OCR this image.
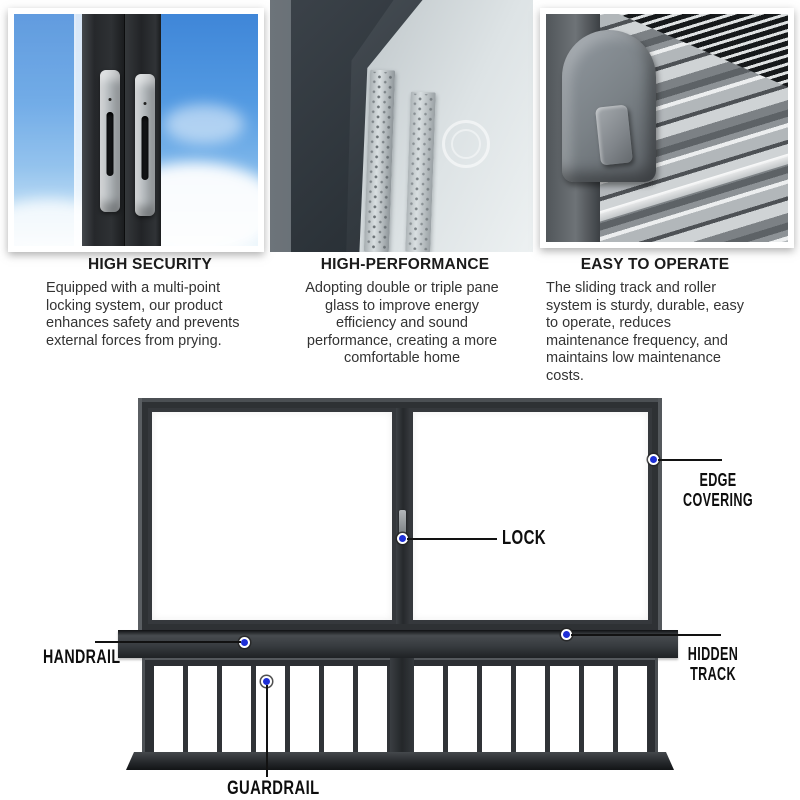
HIGH SECURITY
Equipped with a multi-point locking system, our product enhances safety and prevents external forces from prying.
HIGH-PERFORMANCE
Adopting double or triple pane glass to improve energy efficiency and sound performance, creating a more comfortable home
EASY TO OPERATE
The sliding track and roller system is sturdy, durable, easy to operate, reduces maintenance frequency, and maintains low maintenance costs.
EDGE COVERING
LOCK
HANDRAIL	HIDDEN TRACK
GUARDRAIL
